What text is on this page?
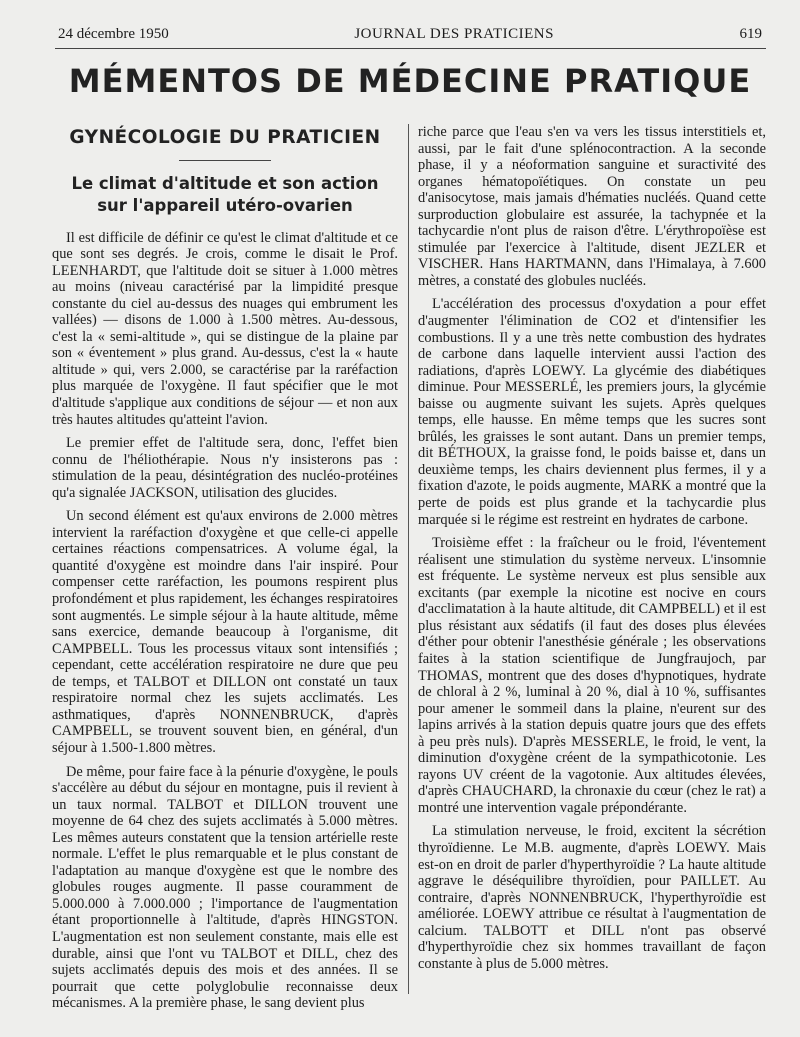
24 décembre 1950	JOURNAL DES PRATICIENS	619
MÉMENTOS DE MÉDECINE PRATIQUE
GYNÉCOLOGIE DU PRATICIEN
Le climat d'altitude et son action
sur l'appareil utéro-ovarien

Il est difficile de définir ce qu'est le climat d'altitude et ce que sont ses degrés. Je crois, comme le disait le Prof. LEENHARDT, que l'altitude doit se situer à 1.000 mètres au moins (niveau caractérisé par la limpidité presque constante du ciel au-dessus des nuages qui embrument les vallées) — disons de 1.000 à 1.500 mètres. Au-dessous, c'est la « semi-altitude », qui se distingue de la plaine par son « éventement » plus grand. Au-dessus, c'est la « haute altitude » qui, vers 2.000, se caractérise par la raréfaction plus marquée de l'oxygène. Il faut spécifier que le mot d'altitude s'applique aux conditions de séjour — et non aux très hautes altitudes qu'atteint l'avion.

Le premier effet de l'altitude sera, donc, l'effet bien connu de l'héliothérapie. Nous n'y insisterons pas : stimulation de la peau, désintégration des nucléo-protéines qu'a signalée JACKSON, utilisation des glucides.

Un second élément est qu'aux environs de 2.000 mètres intervient la raréfaction d'oxygène et que celle-ci appelle certaines réactions compensatrices. A volume égal, la quantité d'oxygène est moindre dans l'air inspiré. Pour compenser cette raréfaction, les poumons respirent plus profondément et plus rapidement, les échanges respiratoires sont augmentés. Le simple séjour à la haute altitude, même sans exercice, demande beaucoup à l'organisme, dit CAMPBELL. Tous les processus vitaux sont intensifiés ; cependant, cette accélération respiratoire ne dure que peu de temps, et TALBOT et DILLON ont constaté un taux respiratoire normal chez les sujets acclimatés. Les asthmatiques, d'après NONNENBRUCK, d'après CAMPBELL, se trouvent souvent bien, en général, d'un séjour à 1.500-1.800 mètres.

De même, pour faire face à la pénurie d'oxygène, le pouls s'accélère au début du séjour en montagne, puis il revient à un taux normal. TALBOT et DILLON trouvent une moyenne de 64 chez des sujets acclimatés à 5.000 mètres. Les mêmes auteurs constatent que la tension artérielle reste normale. L'effet le plus remarquable et le plus constant de l'adaptation au manque d'oxygène est que le nombre des globules rouges augmente. Il passe couramment de 5.000.000 à 7.000.000 ; l'importance de l'augmentation étant proportionnelle à l'altitude, d'après HINGSTON. L'augmentation est non seulement constante, mais elle est durable, ainsi que l'ont vu TALBOT et DILL, chez des sujets acclimatés depuis des mois et des années. Il se pourrait que cette polyglobulie reconnaisse deux mécanismes. A la première phase, le sang devient plus

riche parce que l'eau s'en va vers les tissus interstitiels et, aussi, par le fait d'une splénocontraction. A la seconde phase, il y a néoformation sanguine et suractivité des organes hématopoïétiques. On constate un peu d'anisocytose, mais jamais d'hématies nucléés. Quand cette surproduction globulaire est assurée, la tachypnée et la tachycardie n'ont plus de raison d'être. L'érythropoïèse est stimulée par l'exercice à l'altitude, disent JEZLER et VISCHER. Hans HARTMANN, dans l'Himalaya, à 7.600 mètres, a constaté des globules nucléés.

L'accélération des processus d'oxydation a pour effet d'augmenter l'élimination de CO2 et d'intensifier les combustions. Il y a une très nette combustion des hydrates de carbone dans laquelle intervient aussi l'action des radiations, d'après LOEWY. La glycémie des diabétiques diminue. Pour MESSERLÉ, les premiers jours, la glycémie baisse ou augmente suivant les sujets. Après quelques temps, elle hausse. En même temps que les sucres sont brûlés, les graisses le sont autant. Dans un premier temps, dit BÉTHOUX, la graisse fond, le poids baisse et, dans un deuxième temps, les chairs deviennent plus fermes, il y a fixation d'azote, le poids augmente, MARK a montré que la perte de poids est plus grande et la tachycardie plus marquée si le régime est restreint en hydrates de carbone.

Troisième effet : la fraîcheur ou le froid, l'éventement réalisent une stimulation du système nerveux. L'insomnie est fréquente. Le système nerveux est plus sensible aux excitants (par exemple la nicotine est nocive en cours d'acclimatation à la haute altitude, dit CAMPBELL) et il est plus résistant aux sédatifs (il faut des doses plus élevées d'éther pour obtenir l'anesthésie générale ; les observations faites à la station scientifique de Jungfraujoch, par THOMAS, montrent que des doses d'hypnotiques, hydrate de chloral à 2 %, luminal à 20 %, dial à 10 %, suffisantes pour amener le sommeil dans la plaine, n'eurent sur des lapins arrivés à la station depuis quatre jours que des effets à peu près nuls). D'après MESSERLE, le froid, le vent, la diminution d'oxygène créent de la sympathicotonie. Les rayons UV créent de la vagotonie. Aux altitudes élevées, d'après CHAUCHARD, la chronaxie du cœur (chez le rat) a montré une intervention vagale prépondérante.

La stimulation nerveuse, le froid, excitent la sécrétion thyroïdienne. Le M.B. augmente, d'après LOEWY. Mais est-on en droit de parler d'hyperthyroïdie ? La haute altitude aggrave le déséquilibre thyroïdien, pour PAILLET. Au contraire, d'après NONNENBRUCK, l'hyperthyroïdie est améliorée. LOEWY attribue ce résultat à l'augmentation de calcium. TALBOTT et DILL n'ont pas observé d'hyperthyroïdie chez six hommes travaillant de façon constante à plus de 5.000 mètres.
